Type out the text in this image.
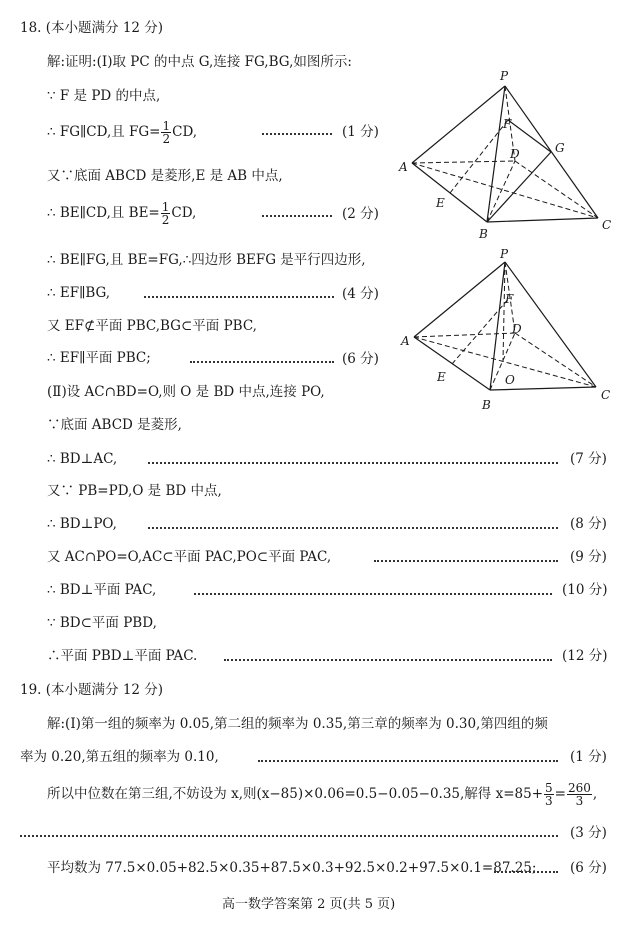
18. (本小题满分 12 分)
解:证明:(Ⅰ)取 PC 的中点 G,连接 FG,BG,如图所示:
∵ F 是 PD 的中点,
∴ FG∥CD,且 $FG= \frac{1}{2}$ CD,	(1 分)
又∵底面 ABCD 是菱形,E 是 AB 中点,
∴ BE∥CD,且 $BE= \frac{1}{2}$ CD,	(2 分)
∴ BE∥FG,且 BE=FG,∴四边形 BEFG 是平行四边形,
∴ EF∥BG,	(4 分)
又 EF⊄平面 PBC,BG⊂平面 PBC,
∴ EF∥平面 PBC;	(6 分)
(Ⅱ)设 AC∩BD=O,则 O 是 BD 中点,连接 PO,
∵底面 ABCD 是菱形,
∴ BD⊥AC,	(7 分)
又∵ PB=PD,O 是 BD 中点,
∴ BD⊥PO,	(8 分)
又 AC∩PO=O,AC⊂平面 PAC,PO⊂平面 PAC,	(9 分)
∴ BD⊥平面 PAC,	(10 分)
∵ BD⊂平面 PBD,
∴平面 PBD⊥平面 PAC.	(12 分)
P
F
G
D
A
E
B
C
P
F
D
A
O
E
B
C
19. (本小题满分 12 分)
解:(Ⅰ)第一组的频率为 0.05,第二组的频率为 0.35,第三章的频率为 0.30,第四组的频
率为 0.20,第五组的频率为 0.10,	(1 分)
所以中位数在第三组,不妨设为 x,则(x−85)×0.06=0.5−0.05−0.35,解得 $x=85+ \frac{5}{3} = \frac{260}{3}$ ,
(3 分)
平均数为 77.5×0.05+82.5×0.35+87.5×0.3+92.5×0.2+97.5×0.1=87.25; (6 分)
高一数学答案第 2 页(共 5 页)
